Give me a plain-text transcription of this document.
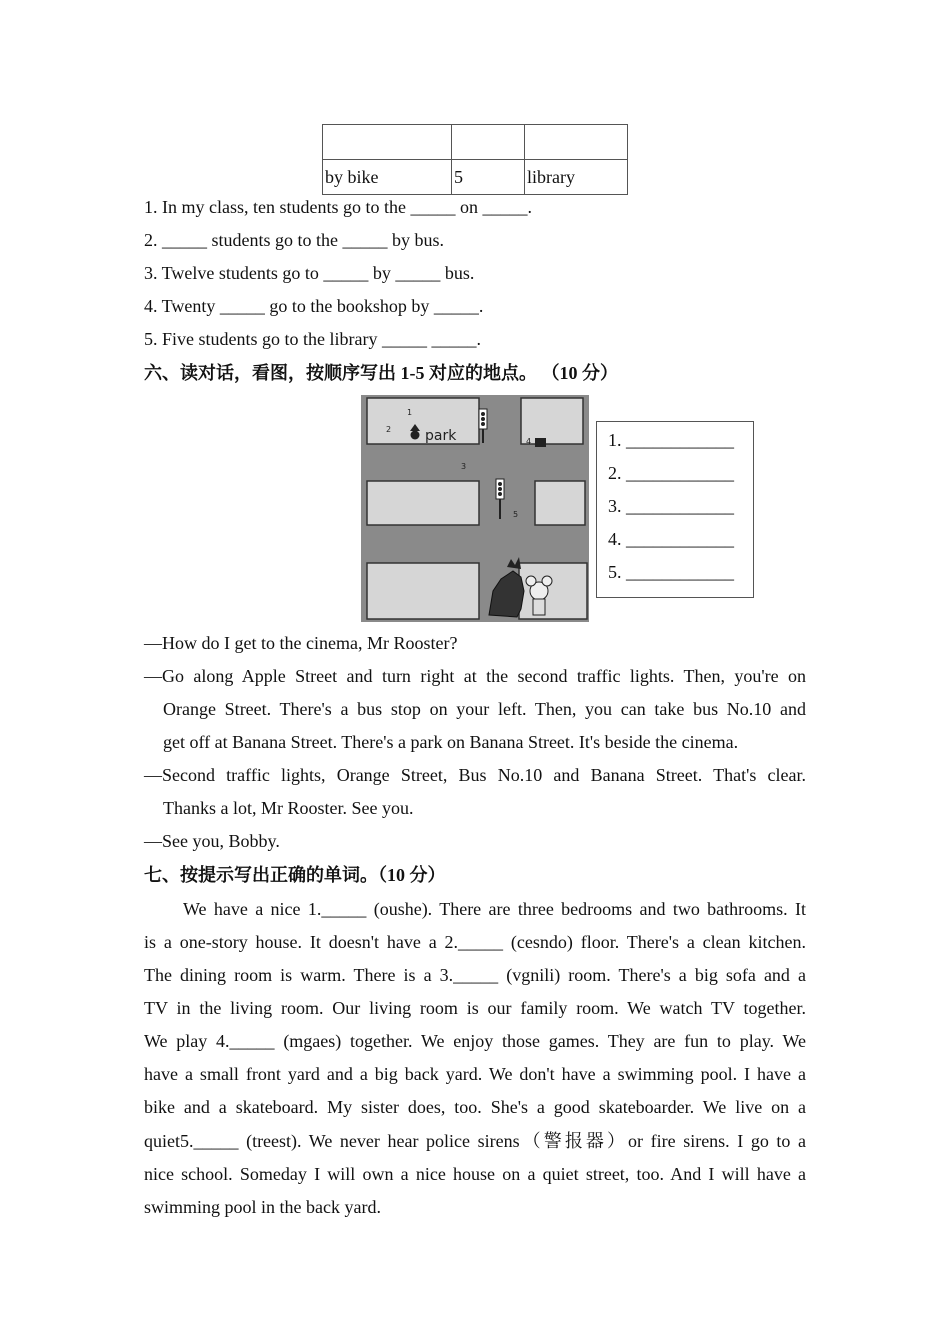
by bike	5	library
1. In my class, ten students go to the _____ on _____.
2. _____ students go to the _____ by bus.
3. Twelve students go to _____ by _____ bus.
4. Twenty _____ go to the bookshop by _____.
5. Five students go to the library _____ _____.
六、读对话，看图，按顺序写出 1-5 对应的地点。 （10 分）
park
1
2
3
4
5
1. ____________
2. ____________
3. ____________
4. ____________
5. ____________
—How do I get to the cinema, Mr Rooster?
—Go along Apple Street and turn right at the second traffic lights. Then, you're on
Orange Street. There's a bus stop on your left. Then, you can take bus No.10 and
get off at Banana Street. There's a park on Banana Street. It's beside the cinema.
—Second traffic lights, Orange Street, Bus No.10 and Banana Street. That's clear.
Thanks a lot, Mr Rooster. See you.
—See you, Bobby.
七、按提示写出正确的单词。（10 分）
We have a nice 1._____ (oushe). There are three bedrooms and two bathrooms. It
is a one-story house. It doesn't have a 2._____ (cesndo) floor. There's a clean kitchen.
The dining room is warm. There is a 3._____ (vgnili) room. There's a big sofa and a
TV in the living room. Our living room is our family room. We watch TV together.
We play 4._____ (mgaes) together. We enjoy those games. They are fun to play. We
have a small front yard and a big back yard. We don't have a swimming pool. I have a
bike and a skateboard. My sister does, too. She's a good skateboarder. We live on a
quiet5._____ (treest). We never hear police sirens（警报器）or fire sirens. I go to a
nice school. Someday I will own a nice house on a quiet street, too. And I will have a
swimming pool in the back yard.
